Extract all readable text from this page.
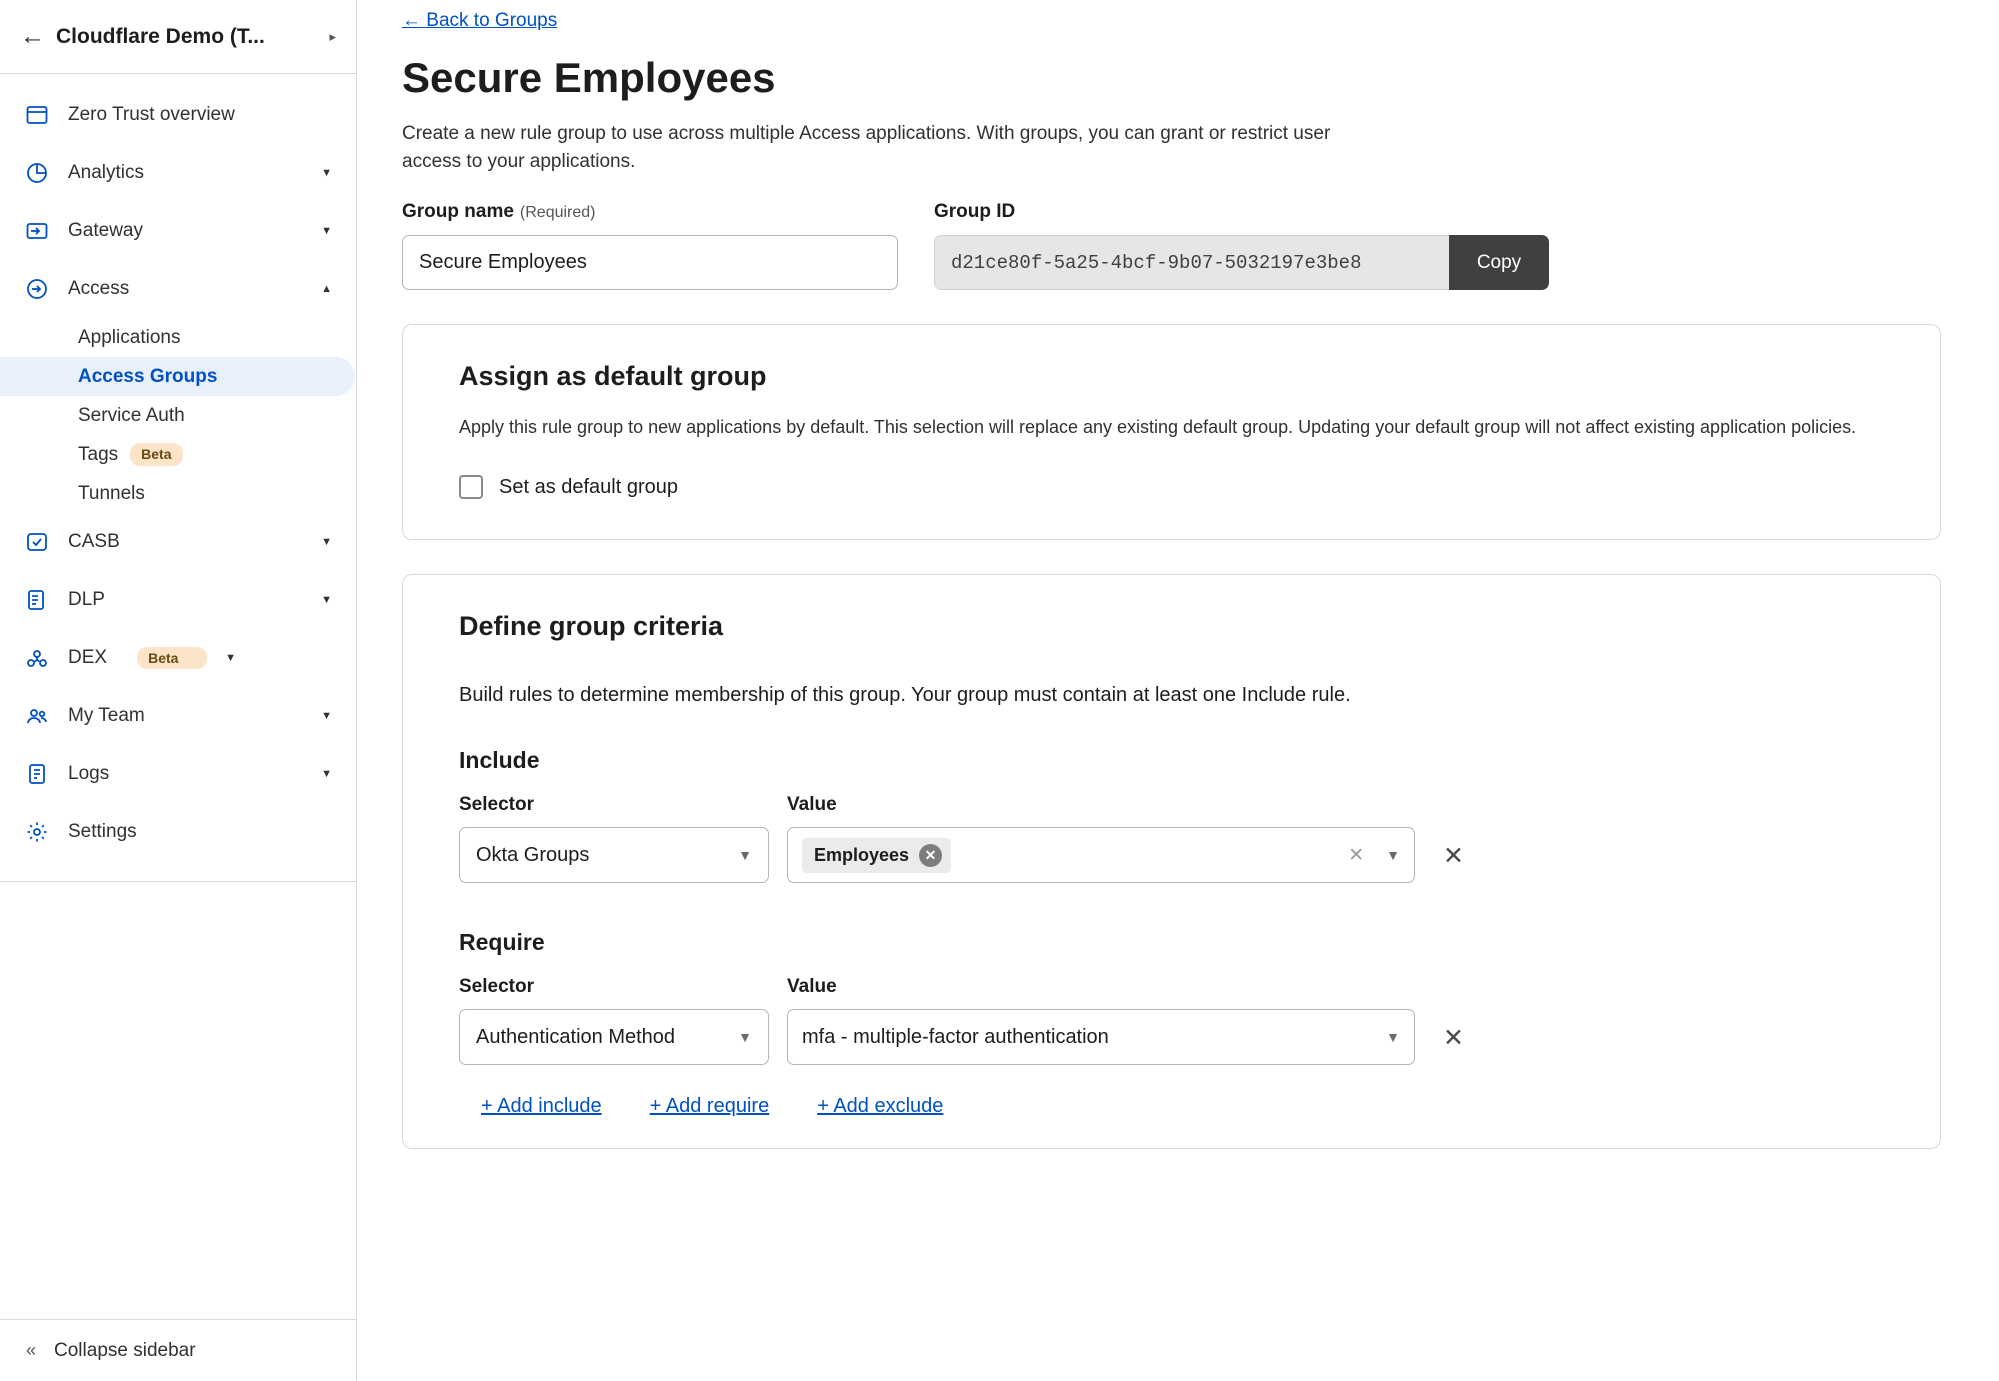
← Cloudflare Demo (T...	▸
Zero Trust overview
Analytics	▼
Gateway	▼
Access	▲
Applications
Access Groups
Service Auth
Tags	Beta
Tunnels
CASB	▼
DLP	▼
DEX	Beta	▼
My Team	▼
Logs	▼
Settings
« Collapse sidebar
← Back to Groups
Secure Employees
Create a new rule group to use across multiple Access applications. With groups, you can grant or restrict user access to your applications.
Group name (Required)
Secure Employees	Group ID
d21ce80f-5a25-4bcf-9b07-5032197e3be8	Copy
Assign as default group

Apply this rule group to new applications by default. This selection will replace any existing default group. Updating your default group will not affect existing application policies.

Set as default group
Define group criteria
Build rules to determine membership of this group. Your group must contain at least one Include rule.
Include
Selector
Okta Groups	▼
Value
Employees	✕	✕ ▼ ✕
Require
Selector
Authentication Method	▼
Value
mfa - multiple-factor authentication	▼ ✕
+ Add include + Add require + Add exclude
